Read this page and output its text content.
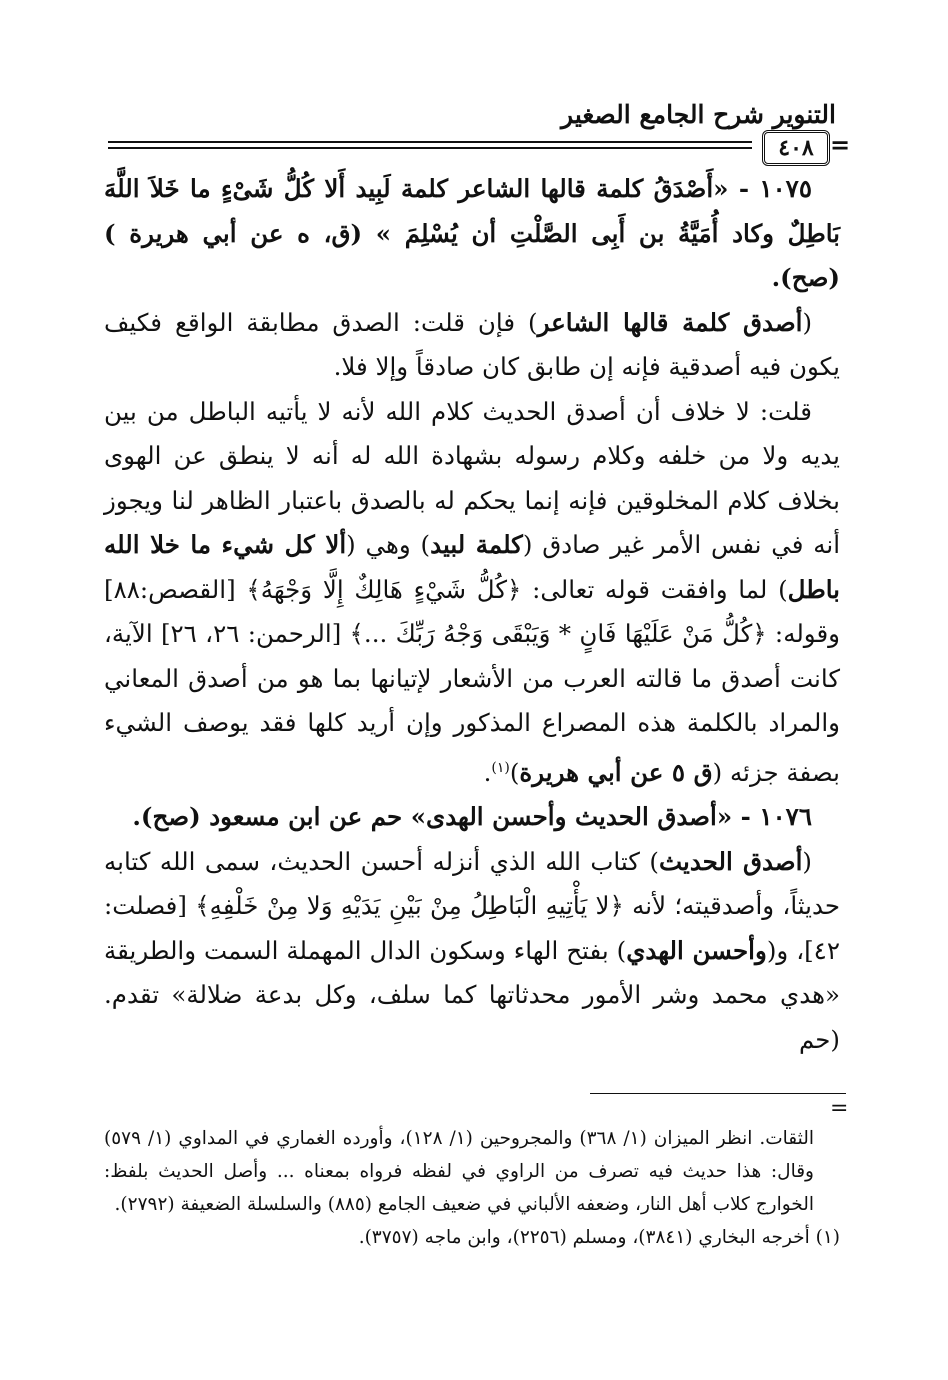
التنوير شرح الجامع الصغير
٤٠٨ =

١٠٧٥ - «أَصْدَقُ كلمة قالها الشاعر كلمة لَبِيد أَلا كُلُّ شَىْءٍ ما خَلاَ اللَّهَ بَاطِلٌ وكاد أُمَيَّةُ بن أَبِى الصَّلْتِ أن يُسْلِمَ » (ق، ه عن أبي هريرة ) (صح).

(أصدق كلمة قالها الشاعر) فإن قلت: الصدق مطابقة الواقع فكيف يكون فيه أصدقية فإنه إن طابق كان صادقاً وإلا فلا.

قلت: لا خلاف أن أصدق الحديث كلام الله لأنه لا يأتيه الباطل من بين يديه ولا من خلفه وكلام رسوله بشهادة الله له أنه لا ينطق عن الهوى بخلاف كلام المخلوقين فإنه إنما يحكم له بالصدق باعتبار الظاهر لنا ويجوز أنه في نفس الأمر غير صادق (كلمة لبيد) وهي (ألا كل شيء ما خلا الله باطل) لما وافقت قوله تعالى: ﴿كُلُّ شَيْءٍ هَالِكٌ إِلَّا وَجْهَهُ﴾ [القصص:٨٨] وقوله: ﴿كُلُّ مَنْ عَلَيْهَا فَانٍ * وَيَبْقَى وَجْهُ رَبِّكَ ...﴾ [الرحمن: ٢٦، ٢٦] الآية، كانت أصدق ما قالته العرب من الأشعار لإتيانها بما هو من أصدق المعاني والمراد بالكلمة هذه المصراع المذكور وإن أريد كلها فقد يوصف الشيء بصفة جزئه (ق ٥ عن أبي هريرة)$^{(١)}$.

١٠٧٦ - «أصدق الحديث وأحسن الهدى» حم عن ابن مسعود (صح).

(أصدق الحديث) كتاب الله الذي أنزله أحسن الحديث، سمى الله كتابه حديثاً، وأصدقيته؛ لأنه ﴿لا يَأْتِيهِ الْبَاطِلُ مِنْ بَيْنِ يَدَيْهِ وَلا مِنْ خَلْفِهِ﴾ [فصلت: ٤٢]، و(وأحسن الهدي) بفتح الهاء وسكون الدال المهملة السمت والطريقة «هدي محمد وشر الأمور محدثاتها كما سلف، وكل بدعة ضلالة» تقدم. (حم

=

الثقات. انظر الميزان (١/ ٣٦٨) والمجروحين (١/ ١٢٨)، وأورده الغماري في المداوي (١/ ٥٧٩) وقال: هذا حديث فيه تصرف من الراوي في لفظه فرواه بمعناه ... وأصل الحديث بلفظ: الخوارج كلاب أهل النار، وضعفه الألباني في ضعيف الجامع (٨٨٥) والسلسلة الضعيفة (٢٧٩٢).

(١) أخرجه البخاري (٣٨٤١)، ومسلم (٢٢٥٦)، وابن ماجه (٣٧٥٧).
